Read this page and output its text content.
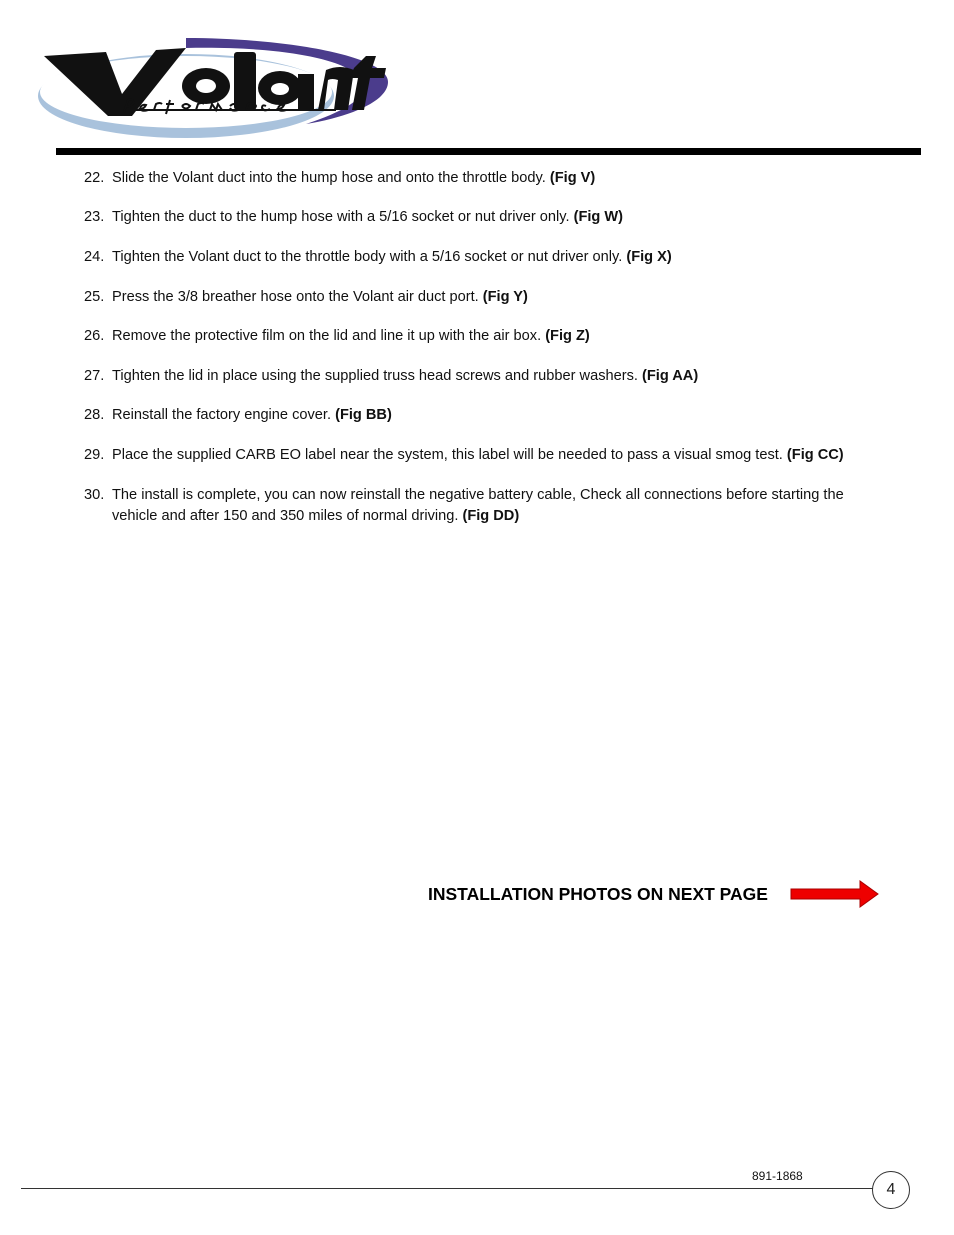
22. Slide the Volant duct into the hump hose and onto the throttle body. (Fig V)
23. Tighten the duct to the hump hose with a 5/16 socket or nut driver only. (Fig W)
24. Tighten the Volant duct to the throttle body with a 5/16 socket or nut driver only. (Fig X)
25. Press the 3/8 breather hose onto the Volant air duct port. (Fig Y)
26. Remove the protective film on the lid and line it up with the air box. (Fig Z)
27. Tighten the lid in place using the supplied truss head screws and rubber washers. (Fig AA)
28. Reinstall the factory engine cover. (Fig BB)
29. Place the supplied CARB EO label near the system, this label will be needed to pass a visual smog test. (Fig CC)
30. The install is complete, you can now reinstall the negative battery cable, Check all connections before starting the vehicle and after 150 and 350 miles of normal driving. (Fig DD)
INSTALLATION PHOTOS ON NEXT PAGE
891-1868
4
